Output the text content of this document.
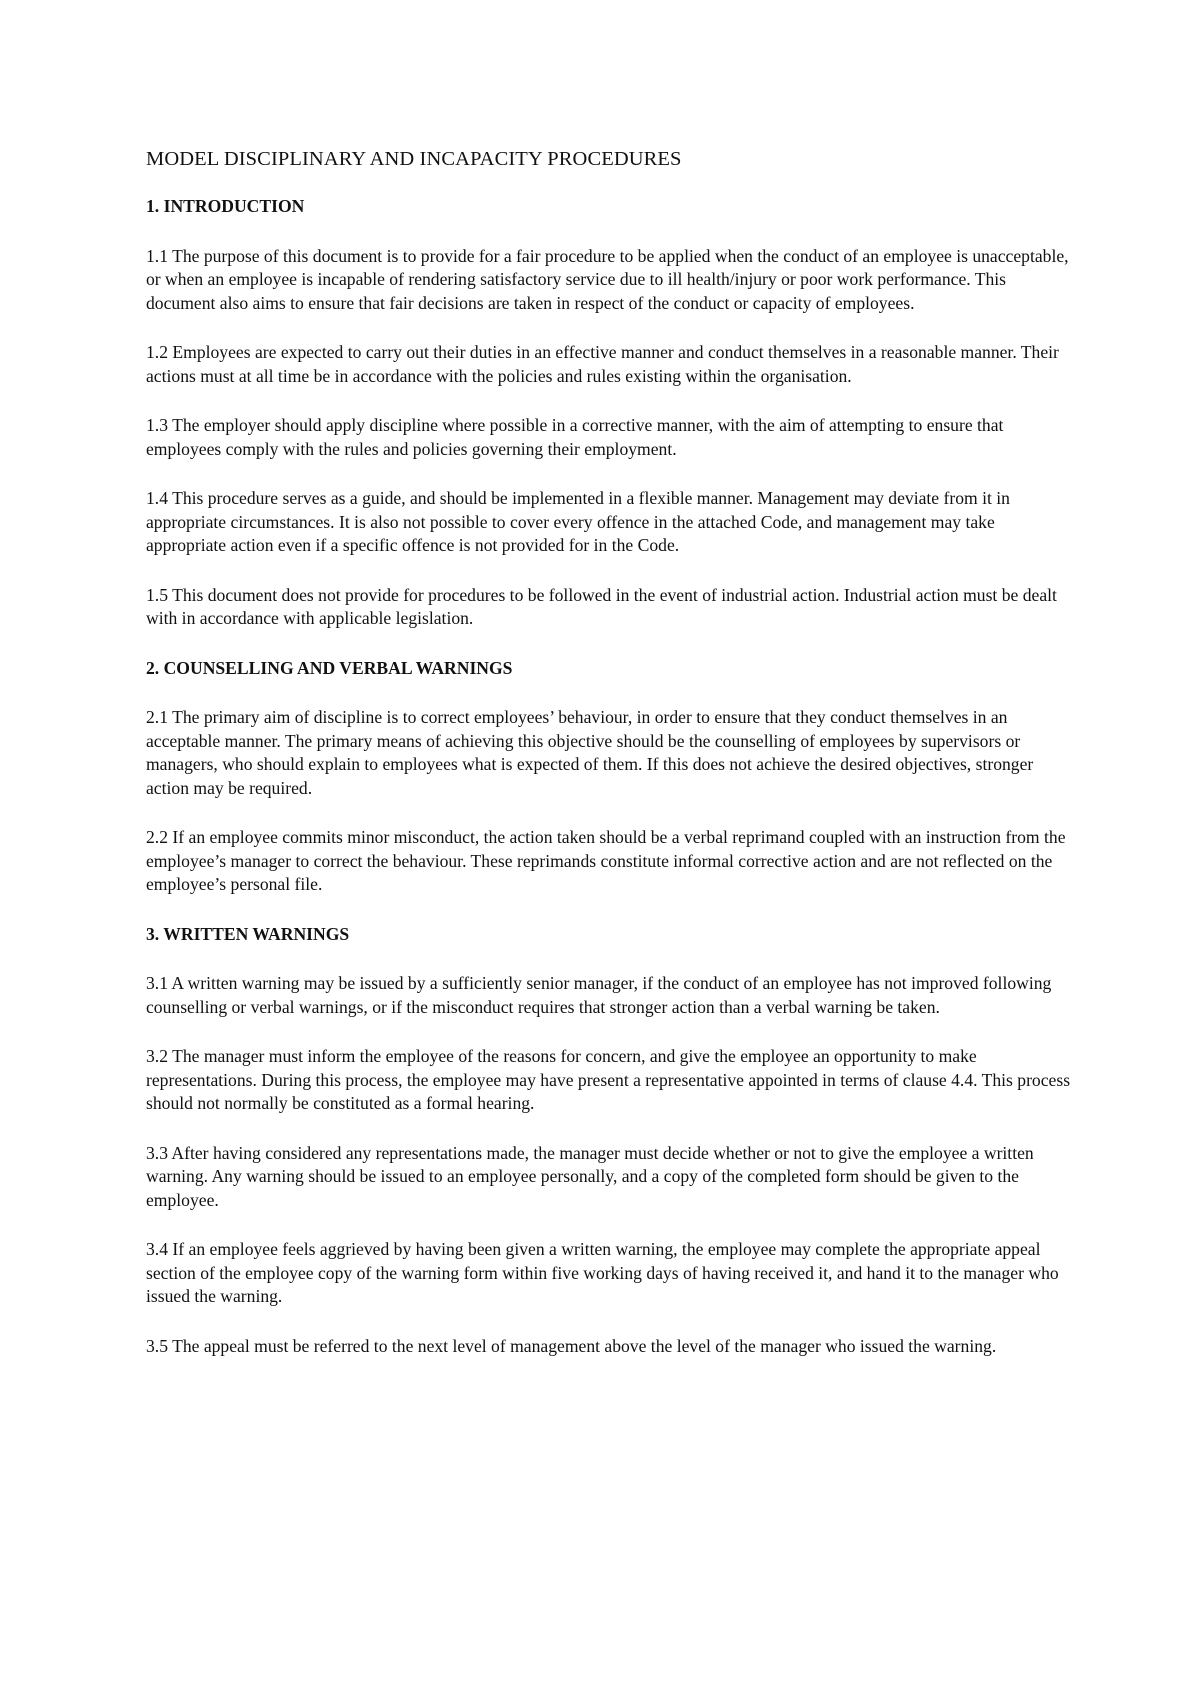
MODEL DISCIPLINARY AND INCAPACITY PROCEDURES
1. INTRODUCTION

1.1 The purpose of this document is to provide for a fair procedure to be applied when the conduct of an employee is unacceptable, or when an employee is incapable of rendering satisfactory service due to ill health/injury or poor work performance. This document also aims to ensure that fair decisions are taken in respect of the conduct or capacity of employees.

1.2 Employees are expected to carry out their duties in an effective manner and conduct themselves in a reasonable manner. Their actions must at all time be in accordance with the policies and rules existing within the organisation.

1.3 The employer should apply discipline where possible in a corrective manner, with the aim of attempting to ensure that employees comply with the rules and policies governing their employment.

1.4 This procedure serves as a guide, and should be implemented in a flexible manner. Management may deviate from it in appropriate circumstances. It is also not possible to cover every offence in the attached Code, and management may take appropriate action even if a specific offence is not provided for in the Code.

1.5 This document does not provide for procedures to be followed in the event of industrial action. Industrial action must be dealt with in accordance with applicable legislation.

2. COUNSELLING AND VERBAL WARNINGS

2.1 The primary aim of discipline is to correct employees’ behaviour, in order to ensure that they conduct themselves in an acceptable manner. The primary means of achieving this objective should be the counselling of employees by supervisors or managers, who should explain to employees what is expected of them. If this does not achieve the desired objectives, stronger action may be required.

2.2 If an employee commits minor misconduct, the action taken should be a verbal reprimand coupled with an instruction from the employee’s manager to correct the behaviour. These reprimands constitute informal corrective action and are not reflected on the employee’s personal file.

3. WRITTEN WARNINGS

3.1 A written warning may be issued by a sufficiently senior manager, if the conduct of an employee has not improved following counselling or verbal warnings, or if the misconduct requires that stronger action than a verbal warning be taken.

3.2 The manager must inform the employee of the reasons for concern, and give the employee an opportunity to make representations. During this process, the employee may have present a representative appointed in terms of clause 4.4. This process should not normally be constituted as a formal hearing.

3.3 After having considered any representations made, the manager must decide whether or not to give the employee a written warning. Any warning should be issued to an employee personally, and a copy of the completed form should be given to the employee.

3.4 If an employee feels aggrieved by having been given a written warning, the employee may complete the appropriate appeal section of the employee copy of the warning form within five working days of having received it, and hand it to the manager who issued the warning.

3.5 The appeal must be referred to the next level of management above the level of the manager who issued the warning.
